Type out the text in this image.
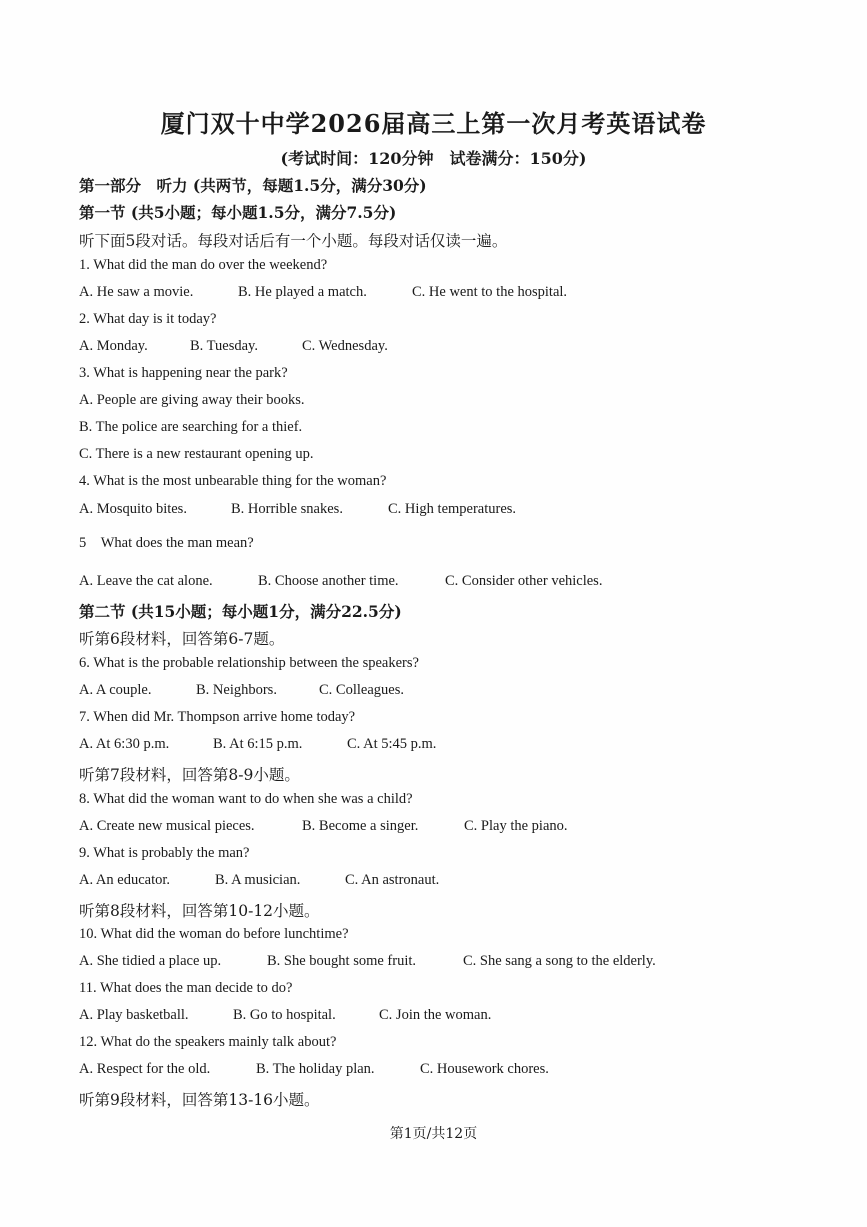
厦门双十中学2026届高三上第一次月考英语试卷
(考试时间：120分钟　试卷满分：150分)
第一部分　听力 (共两节，每题1.5分，满分30分)
第一节 (共5小题；每小题1.5分，满分7.5分)
听下面5段对话。每段对话后有一个小题。每段对话仅读一遍。
1. What did the man do over the weekend?
A. He saw a movie.	B. He played a match.	C. He went to the hospital.
2. What day is it today?
A. Monday.	B. Tuesday.	C. Wednesday.
3. What is happening near the park?
A. People are giving away their books.
B. The police are searching for a thief.
C. There is a new restaurant opening up.
4. What is the most unbearable thing for the woman?
A. Mosquito bites.	B. Horrible snakes.	C. High temperatures.
5　What does the man mean?
A. Leave the cat alone.	B. Choose another time.	C. Consider other vehicles.
第二节 (共15小题；每小题1分，满分22.5分)
听第6段材料，回答第6-7题。
6. What is the probable relationship between the speakers?
A. A couple.	B. Neighbors.	C. Colleagues.
7. When did Mr. Thompson arrive home today?
A. At 6:30 p.m.	B. At 6:15 p.m.	C. At 5:45 p.m.
听第7段材料，回答第8-9小题。
8. What did the woman want to do when she was a child?
A. Create new musical pieces.	B. Become a singer.	C. Play the piano.
9. What is probably the man?
A. An educator.	B. A musician.	C. An astronaut.
听第8段材料，回答第10-12小题。
10. What did the woman do before lunchtime?
A. She tidied a place up.	B. She bought some fruit.	C. She sang a song to the elderly.
11. What does the man decide to do?
A. Play basketball.	B. Go to hospital.	C. Join the woman.
12. What do the speakers mainly talk about?
A. Respect for the old.	B. The holiday plan.	C. Housework chores.
听第9段材料，回答第13-16小题。
第1页/共12页
